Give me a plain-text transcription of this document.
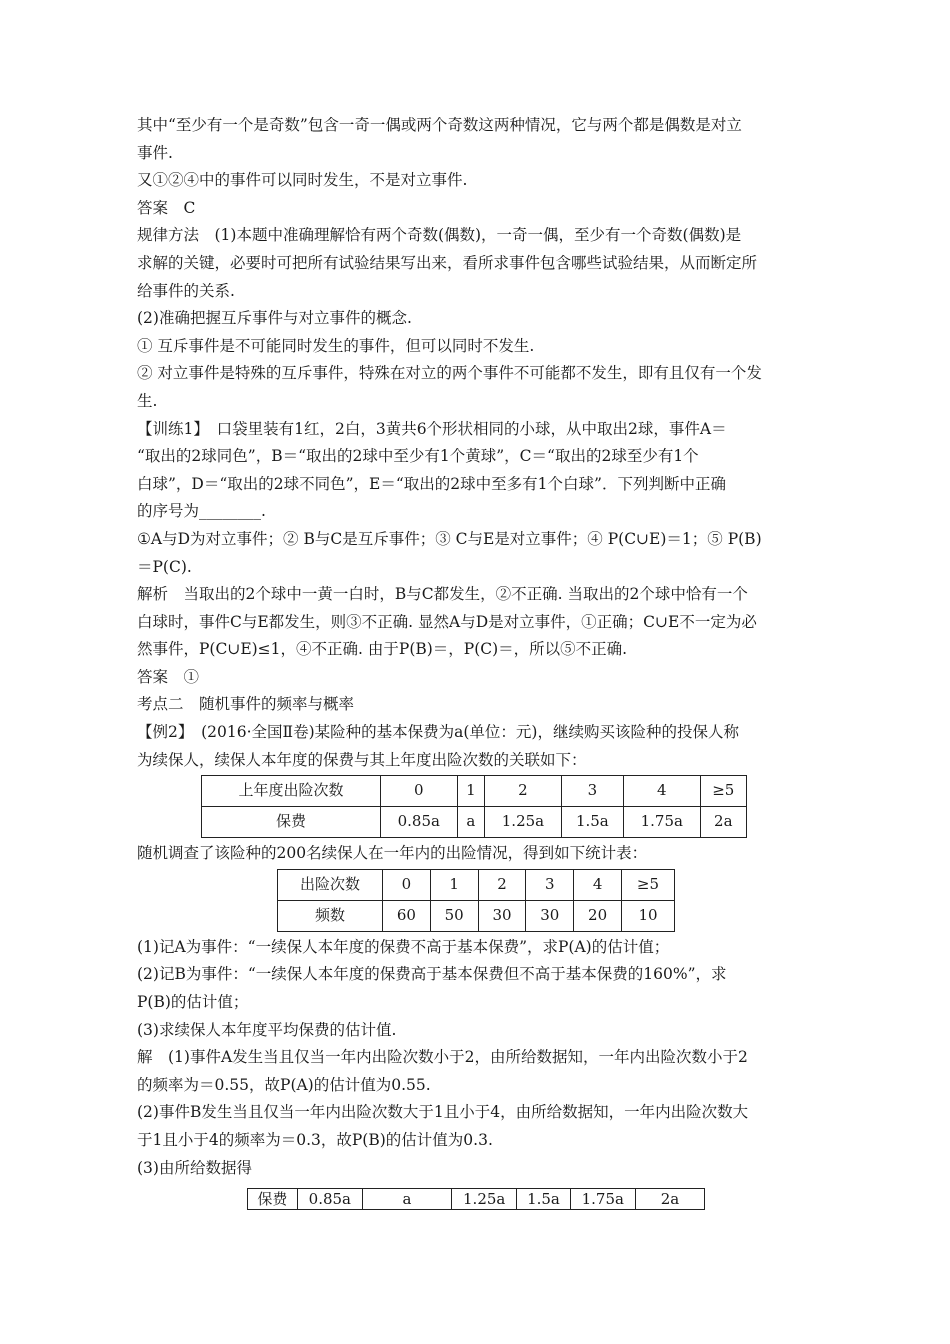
其中“至少有一个是奇数”包含一奇一偶或两个奇数这两种情况，它与两个都是偶数是对立
事件.
又①②④中的事件可以同时发生，不是对立事件.
答案　C
规律方法　(1)本题中准确理解恰有两个奇数(偶数)，一奇一偶，至少有一个奇数(偶数)是
求解的关键，必要时可把所有试验结果写出来，看所求事件包含哪些试验结果，从而断定所
给事件的关系.
(2)准确把握互斥事件与对立事件的概念.
① 互斥事件是不可能同时发生的事件，但可以同时不发生.
② 对立事件是特殊的互斥事件，特殊在对立的两个事件不可能都不发生，即有且仅有一个发
生.
【训练1】　口袋里装有1红，2白，3黄共6个形状相同的小球，从中取出2球，事件A＝
“取出的2球同色”，B＝“取出的2球中至少有1个黄球”，C＝“取出的2球至少有1个
白球”，D＝“取出的2球不同色”，E＝“取出的2球中至多有1个白球”．下列判断中正确
的序号为________.
①A与D为对立事件；② B与C是互斥事件；③ C与E是对立事件；④ P(C∪E)＝1；⑤ P(B)
＝P(C).
解析　当取出的2个球中一黄一白时，B与C都发生，②不正确. 当取出的2个球中恰有一个
白球时，事件C与E都发生，则③不正确. 显然A与D是对立事件，①正确；C∪E不一定为必
然事件，P(C∪E)≤1，④不正确. 由于P(B)＝，P(C)＝，所以⑤不正确.
答案　①
考点二　随机事件的频率与概率
【例2】　(2016·全国Ⅱ卷)某险种的基本保费为a(单位：元)，继续购买该险种的投保人称
为续保人，续保人本年度的保费与其上年度出险次数的关联如下：
上年度出险次数	0	1	2	3	4	≥5
保费	0.85a	a	1.25a	1.5a	1.75a	2a
随机调查了该险种的200名续保人在一年内的出险情况，得到如下统计表：
出险次数	0	1	2	3	4	≥5
频数	60	50	30	30	20	10
(1)记A为事件：“一续保人本年度的保费不高于基本保费”，求P(A)的估计值；
(2)记B为事件：“一续保人本年度的保费高于基本保费但不高于基本保费的160%”，求
P(B)的估计值；
(3)求续保人本年度平均保费的估计值.
解　(1)事件A发生当且仅当一年内出险次数小于2，由所给数据知，一年内出险次数小于2
的频率为＝0.55，故P(A)的估计值为0.55.
(2)事件B发生当且仅当一年内出险次数大于1且小于4，由所给数据知，一年内出险次数大
于1且小于4的频率为＝0.3，故P(B)的估计值为0.3.
(3)由所给数据得
保费	0.85a	a	1.25a	1.5a	1.75a	2a
